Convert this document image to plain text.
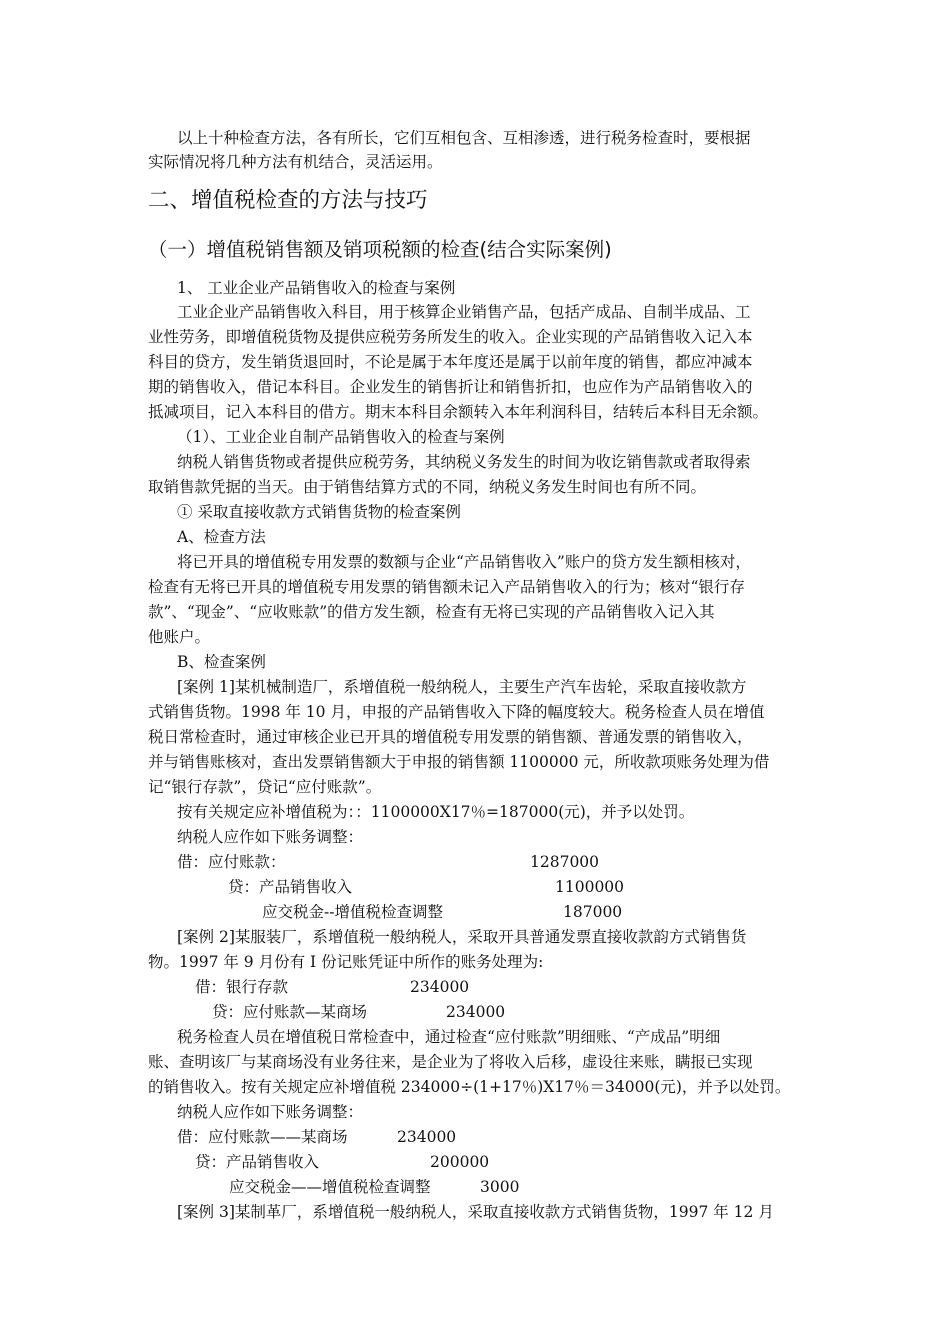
以上十种检查方法，各有所长，它们互相包含、互相渗透，进行税务检查时，要根据
实际情况将几种方法有机结合，灵活运用。
二、增值税检查的方法与技巧
（一）增值税销售额及销项税额的检查(结合实际案例)
1、 工业企业产品销售收入的检查与案例
工业企业产品销售收入科目，用于核算企业销售产品，包括产成品、自制半成品、工
业性劳务，即增值税货物及提供应税劳务所发生的收入。企业实现的产品销售收入记入本
科目的贷方，发生销货退回时，不论是属于本年度还是属于以前年度的销售，都应冲减本
期的销售收入，借记本科目。企业发生的销售折让和销售折扣，也应作为产品销售收入的
抵减项目，记入本科目的借方。期末本科目余额转入本年利润科目，结转后本科目无余额。
（1）、工业企业自制产品销售收入的检查与案例
纳税人销售货物或者提供应税劳务，其纳税义务发生的时间为收讫销售款或者取得索
取销售款凭据的当天。由于销售结算方式的不同，纳税义务发生时间也有所不同。
① 采取直接收款方式销售货物的检查案例
A、检查方法
将已开具的增值税专用发票的数额与企业“产品销售收入”账户的贷方发生额相核对，
检查有无将已开具的增值税专用发票的销售额未记入产品销售收入的行为；核对“银行存
款”、“现金”、“应收账款”的借方发生额，检查有无将已实现的产品销售收入记入其
他账户。
B、检查案例
[案例 1]某机械制造厂，系增值税一般纳税人，主要生产汽车齿轮，采取直接收款方
式销售货物。1998 年 10 月，申报的产品销售收入下降的幅度较大。税务检查人员在增值
税日常检查时，通过审核企业已开具的增值税专用发票的销售额、普通发票的销售收入，
并与销售账核对，查出发票销售额大于申报的销售额 1100000 元，所收款项账务处理为借
记“银行存款”，贷记“应付账款”。
按有关规定应补增值税为：：1100000X17％=187000(元)，并予以处罚。
纳税人应作如下账务调整：
借：应付账款：	1287000
贷：产品销售收入	1100000
应交税金--增值税检查调整	187000
[案例 2]某服装厂，系增值税一般纳税人，采取开具普通发票直接收款韵方式销售货
物。1997 年 9 月份有 I 份记账凭证中所作的账务处理为:
借：银行存款	234000
贷：应付账款—某商场	234000
税务检查人员在增值税日常检查中，通过检查“应付账款”明细账、“产成品”明细
账、查明该厂与某商场没有业务往来，是企业为了将收入后移，虚设往来账，瞒报已实现
的销售收入。按有关规定应补增值税 234000÷(1+17％)X17％＝34000(元)，并予以处罚。
纳税人应作如下账务调整：
借：应付账款——某商场	234000
贷：产品销售收入	200000
应交税金——增值税检查调整	3000
[案例 3]某制革厂，系增值税一般纳税人，采取直接收款方式销售货物，1997 年 12 月
